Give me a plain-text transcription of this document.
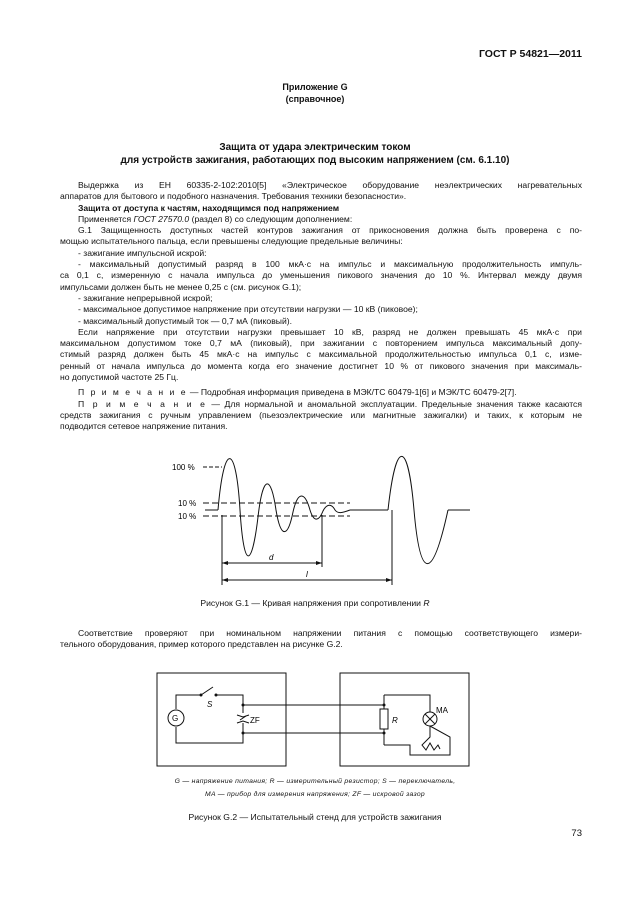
ГОСТ Р 54821—2011
Приложение G
(справочное)
Защита от удара электрическим током
для устройств зажигания, работающих под высоким напряжением (см. 6.1.10)
Выдержка из ЕН 60335-2-102:2010[5] «Электрическое оборудование неэлектрических нагревательных
аппаратов для бытового и подобного назначения. Требования техники безопасности».
Защита от доступа к частям, находящимся под напряжением
Применяется ГОСТ 27570.0 (раздел 8) со следующим дополнением:
G.1 Защищенность доступных частей контуров зажигания от прикосновения должна быть проверена с по-
мощью испытательного пальца, если превышены следующие предельные величины:
- зажигание импульсной искрой:
- максимальный допустимый разряд в 100 мкА·с на импульс и максимальную продолжительность импуль-
са 0,1 с, измеренную с начала импульса до уменьшения пикового значения до 10 %. Интервал между двумя
импульсами должен быть не менее 0,25 с (см. рисунок G.1);
- зажигание непрерывной искрой;
- максимальное допустимое напряжение при отсутствии нагрузки — 10 кВ (пиковое);
- максимальный допустимый ток — 0,7 мА (пиковый).
Если напряжение при отсутствии нагрузки превышает 10 кВ, разряд не должен превышать 45 мкА·с при
максимальном допустимом токе 0,7 мА (пиковый), при зажигании с повторением импульса максимальный допу-
стимый разряд должен быть 45 мкА·с на импульс с максимальной продолжительностью импульса 0,1 с, изме-
ренный от начала импульса до момента когда его значение достигнет 10 % от пикового значения при максималь-
но допустимой частоте 25 Гц.
П р и м е ч а н и е — Подробная информация приведена в МЭК/ТС 60479-1[6] и МЭК/ТС 60479-2[7].
П р и м е ч а н и е — Для нормальной и аномальной эксплуатации. Предельные значения также касаются
средств зажигания с ручным управлением (пьезоэлектрические или магнитные зажигалки) и таких, к которым не
подводится сетевое напряжение питания.
100 %
10 %
10 %
d
l
Рисунок G.1 — Кривая напряжения при сопротивлении R
Соответствие проверяют при номинальном напряжении питания с помощью соответствующего измери-
тельного оборудования, пример которого представлен на рисунке G.2.
S
G	ZF	R
MA
G — напряжение питания; R — измерительный резистор; S — переключатель,
MA — прибор для измерения напряжения; ZF — искровой зазор
Рисунок G.2 — Испытательный стенд для устройств зажигания
73
